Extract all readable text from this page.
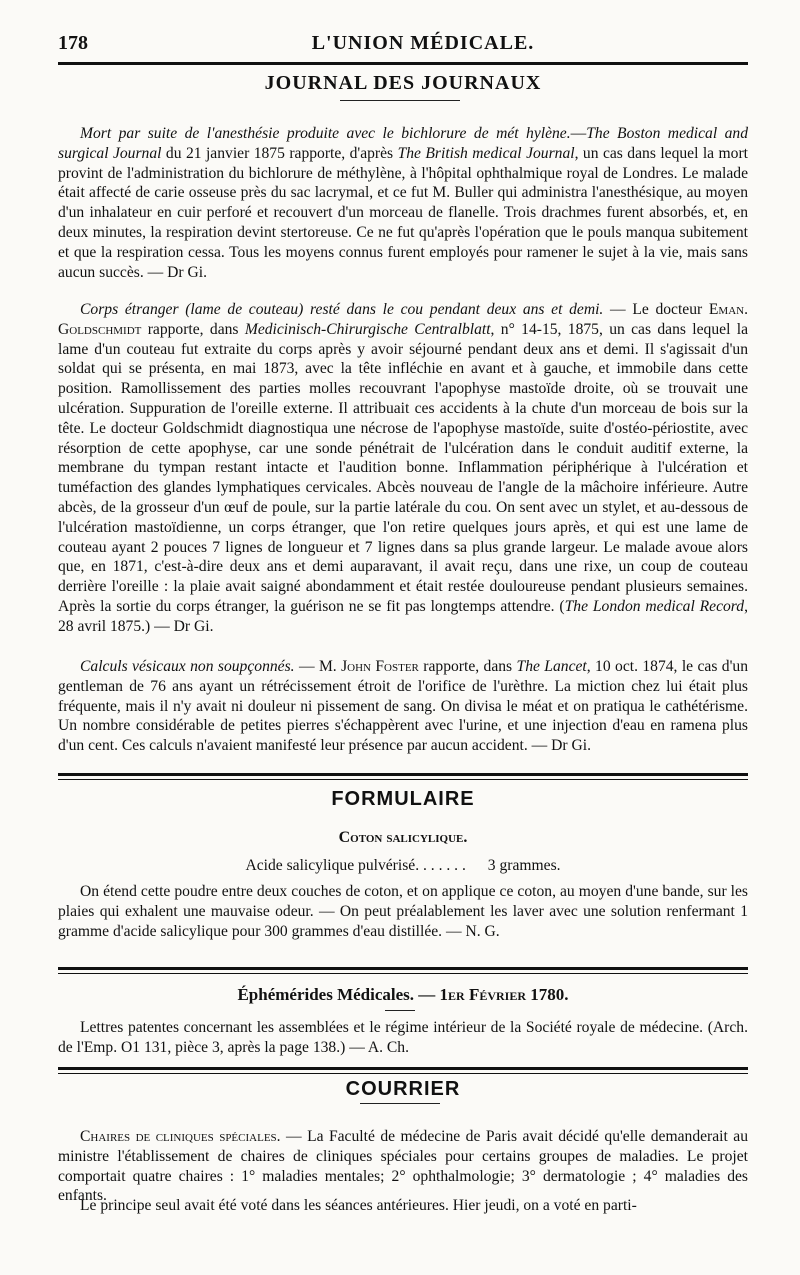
178	L'UNION MÉDICALE.
JOURNAL DES JOURNAUX
Mort par suite de l'anesthésie produite avec le bichlorure de mét hylène.—The Boston medical and surgical Journal du 21 janvier 1875 rapporte, d'après The British medical Journal, un cas dans lequel la mort provint de l'administration du bichlorure de méthylène, à l'hôpital ophthalmique royal de Londres. Le malade était affecté de carie osseuse près du sac lacrymal, et ce fut M. Buller qui administra l'anesthésique, au moyen d'un inhalateur en cuir perforé et recouvert d'un morceau de flanelle. Trois drachmes furent absorbés, et, en deux minutes, la respiration devint stertoreuse. Ce ne fut qu'après l'opération que le pouls manqua subitement et que la respiration cessa. Tous les moyens connus furent employés pour ramener le sujet à la vie, mais sans aucun succès. — Dr Gi.
Corps étranger (lame de couteau) resté dans le cou pendant deux ans et demi. — Le docteur Eman. Goldschmidt rapporte, dans Medicinisch-Chirurgische Centralblatt, n° 14-15, 1875, un cas dans lequel la lame d'un couteau fut extraite du corps après y avoir séjourné pendant deux ans et demi. Il s'agissait d'un soldat qui se présenta, en mai 1873, avec la tête infléchie en avant et à gauche, et immobile dans cette position. Ramollissement des parties molles recouvrant l'apophyse mastoïde droite, où se trouvait une ulcération. Suppuration de l'oreille externe. Il attribuait ces accidents à la chute d'un morceau de bois sur la tête. Le docteur Goldschmidt diagnostiqua une nécrose de l'apophyse mastoïde, suite d'ostéo-périostite, avec résorption de cette apophyse, car une sonde pénétrait de l'ulcération dans le conduit auditif externe, la membrane du tympan restant intacte et l'audition bonne. Inflammation périphérique à l'ulcération et tuméfaction des glandes lymphatiques cervicales. Abcès nouveau de l'angle de la mâchoire inférieure. Autre abcès, de la grosseur d'un œuf de poule, sur la partie latérale du cou. On sent avec un stylet, et au-dessous de l'ulcération mastoïdienne, un corps étranger, que l'on retire quelques jours après, et qui est une lame de couteau ayant 2 pouces 7 lignes de longueur et 7 lignes dans sa plus grande largeur. Le malade avoue alors que, en 1871, c'est-à-dire deux ans et demi auparavant, il avait reçu, dans une rixe, un coup de couteau derrière l'oreille : la plaie avait saigné abondamment et était restée douloureuse pendant plusieurs semaines. Après la sortie du corps étranger, la guérison ne se fit pas longtemps attendre. (The London medical Record, 28 avril 1875.) — Dr Gi.
Calculs vésicaux non soupçonnés. — M. John Foster rapporte, dans The Lancet, 10 oct. 1874, le cas d'un gentleman de 76 ans ayant un rétrécissement étroit de l'orifice de l'urèthre. La miction chez lui était plus fréquente, mais il n'y avait ni douleur ni pissement de sang. On divisa le méat et on pratiqua le cathétérisme. Un nombre considérable de petites pierres s'échappèrent avec l'urine, et une injection d'eau en ramena plus d'un cent. Ces calculs n'avaient manifesté leur présence par aucun accident. — Dr Gi.
FORMULAIRE
Coton salicylique.
Acide salicylique pulvérisé. . . . . . . 3 grammes.
On étend cette poudre entre deux couches de coton, et on applique ce coton, au moyen d'une bande, sur les plaies qui exhalent une mauvaise odeur. — On peut préalablement les laver avec une solution renfermant 1 gramme d'acide salicylique pour 300 grammes d'eau distillée. — N. G.
Éphémérides Médicales. — 1er Février 1780.
Lettres patentes concernant les assemblées et le régime intérieur de la Société royale de médecine. (Arch. de l'Emp. O1 131, pièce 3, après la page 138.) — A. Ch.
COURRIER
Chaires de cliniques spéciales. — La Faculté de médecine de Paris avait décidé qu'elle demanderait au ministre l'établissement de chaires de cliniques spéciales pour certains groupes de maladies. Le projet comportait quatre chaires : 1° maladies mentales; 2° ophthalmologie; 3° dermatologie ; 4° maladies des enfants.
Le principe seul avait été voté dans les séances antérieures. Hier jeudi, on a voté en parti-
